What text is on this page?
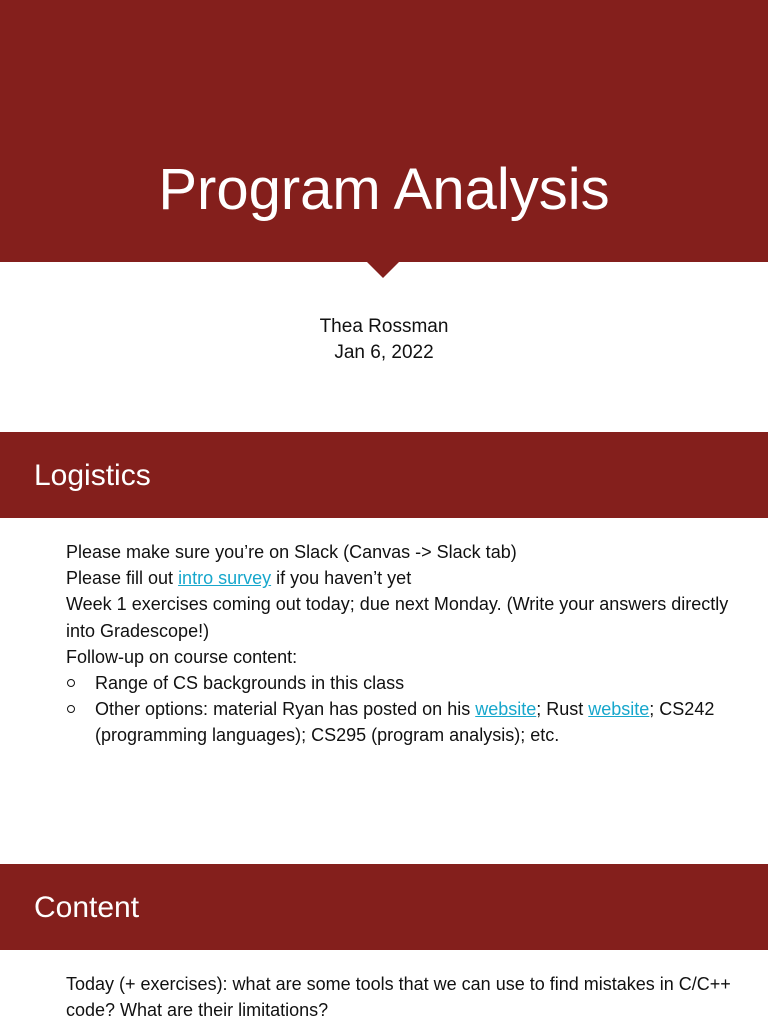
Program Analysis
Thea Rossman
Jan 6, 2022
Logistics

Please make sure you’re on Slack (Canvas -> Slack tab)

Please fill out intro survey if you haven’t yet

Week 1 exercises coming out today; due next Monday. (Write your answers directly into Gradescope!)

Follow-up on course content:

Range of CS backgrounds in this class
Other options: material Ryan has posted on his website; Rust website; CS242 (programming languages); CS295 (program analysis); etc.
Content

Today (+ exercises): what are some tools that we can use to find mistakes in C/C++ code? What are their limitations?
